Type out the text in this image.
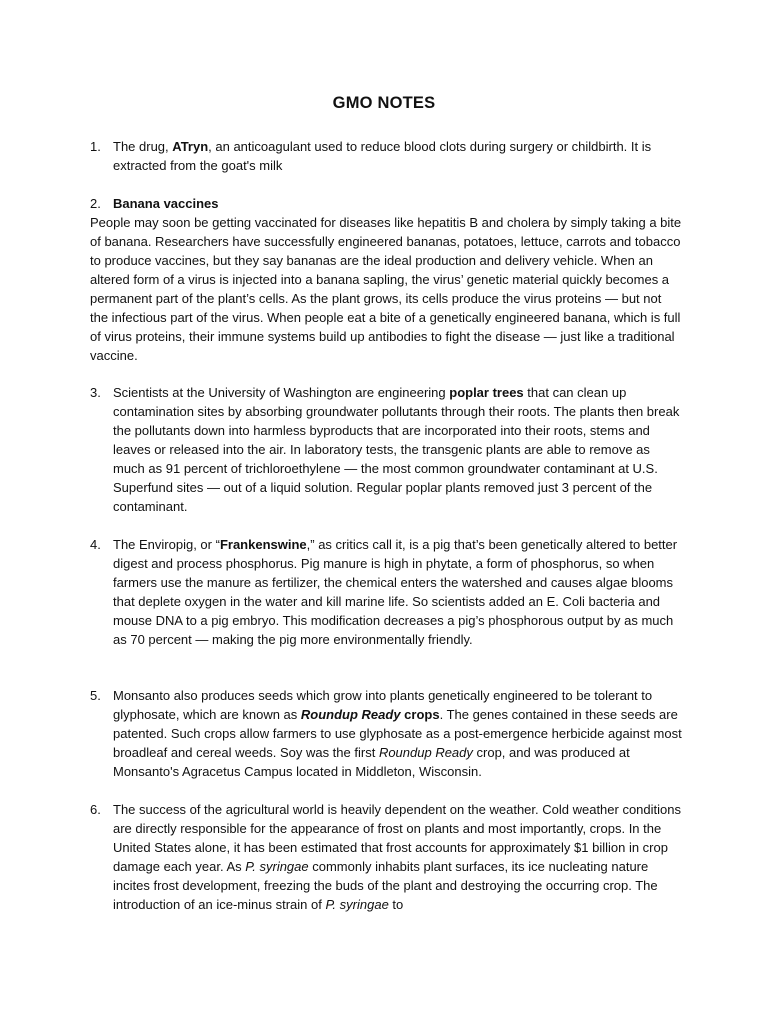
GMO NOTES
1. The drug, ATryn, an anticoagulant used to reduce blood clots during surgery or childbirth. It is extracted from the goat's milk
2. Banana vaccines
People may soon be getting vaccinated for diseases like hepatitis B and cholera by simply taking a bite of banana. Researchers have successfully engineered bananas, potatoes, lettuce, carrots and tobacco to produce vaccines, but they say bananas are the ideal production and delivery vehicle. When an altered form of a virus is injected into a banana sapling, the virus’ genetic material quickly becomes a permanent part of the plant’s cells. As the plant grows, its cells produce the virus proteins — but not the infectious part of the virus. When people eat a bite of a genetically engineered banana, which is full of virus proteins, their immune systems build up antibodies to fight the disease — just like a traditional vaccine.
3. Scientists at the University of Washington are engineering poplar trees that can clean up contamination sites by absorbing groundwater pollutants through their roots. The plants then break the pollutants down into harmless byproducts that are incorporated into their roots, stems and leaves or released into the air. In laboratory tests, the transgenic plants are able to remove as much as 91 percent of trichloroethylene — the most common groundwater contaminant at U.S. Superfund sites — out of a liquid solution. Regular poplar plants removed just 3 percent of the contaminant.
4. The Enviropig, or “Frankenswine,” as critics call it, is a pig that’s been genetically altered to better digest and process phosphorus. Pig manure is high in phytate, a form of phosphorus, so when farmers use the manure as fertilizer, the chemical enters the watershed and causes algae blooms that deplete oxygen in the water and kill marine life. So scientists added an E. Coli bacteria and mouse DNA to a pig embryo. This modification decreases a pig’s phosphorous output by as much as 70 percent — making the pig more environmentally friendly.
5. Monsanto also produces seeds which grow into plants genetically engineered to be tolerant to glyphosate, which are known as Roundup Ready crops. The genes contained in these seeds are patented. Such crops allow farmers to use glyphosate as a post-emergence herbicide against most broadleaf and cereal weeds. Soy was the first Roundup Ready crop, and was produced at Monsanto's Agracetus Campus located in Middleton, Wisconsin.
6. The success of the agricultural world is heavily dependent on the weather. Cold weather conditions are directly responsible for the appearance of frost on plants and most importantly, crops. In the United States alone, it has been estimated that frost accounts for approximately $1 billion in crop damage each year. As P. syringae commonly inhabits plant surfaces, its ice nucleating nature incites frost development, freezing the buds of the plant and destroying the occurring crop. The introduction of an ice-minus strain of P. syringae to
